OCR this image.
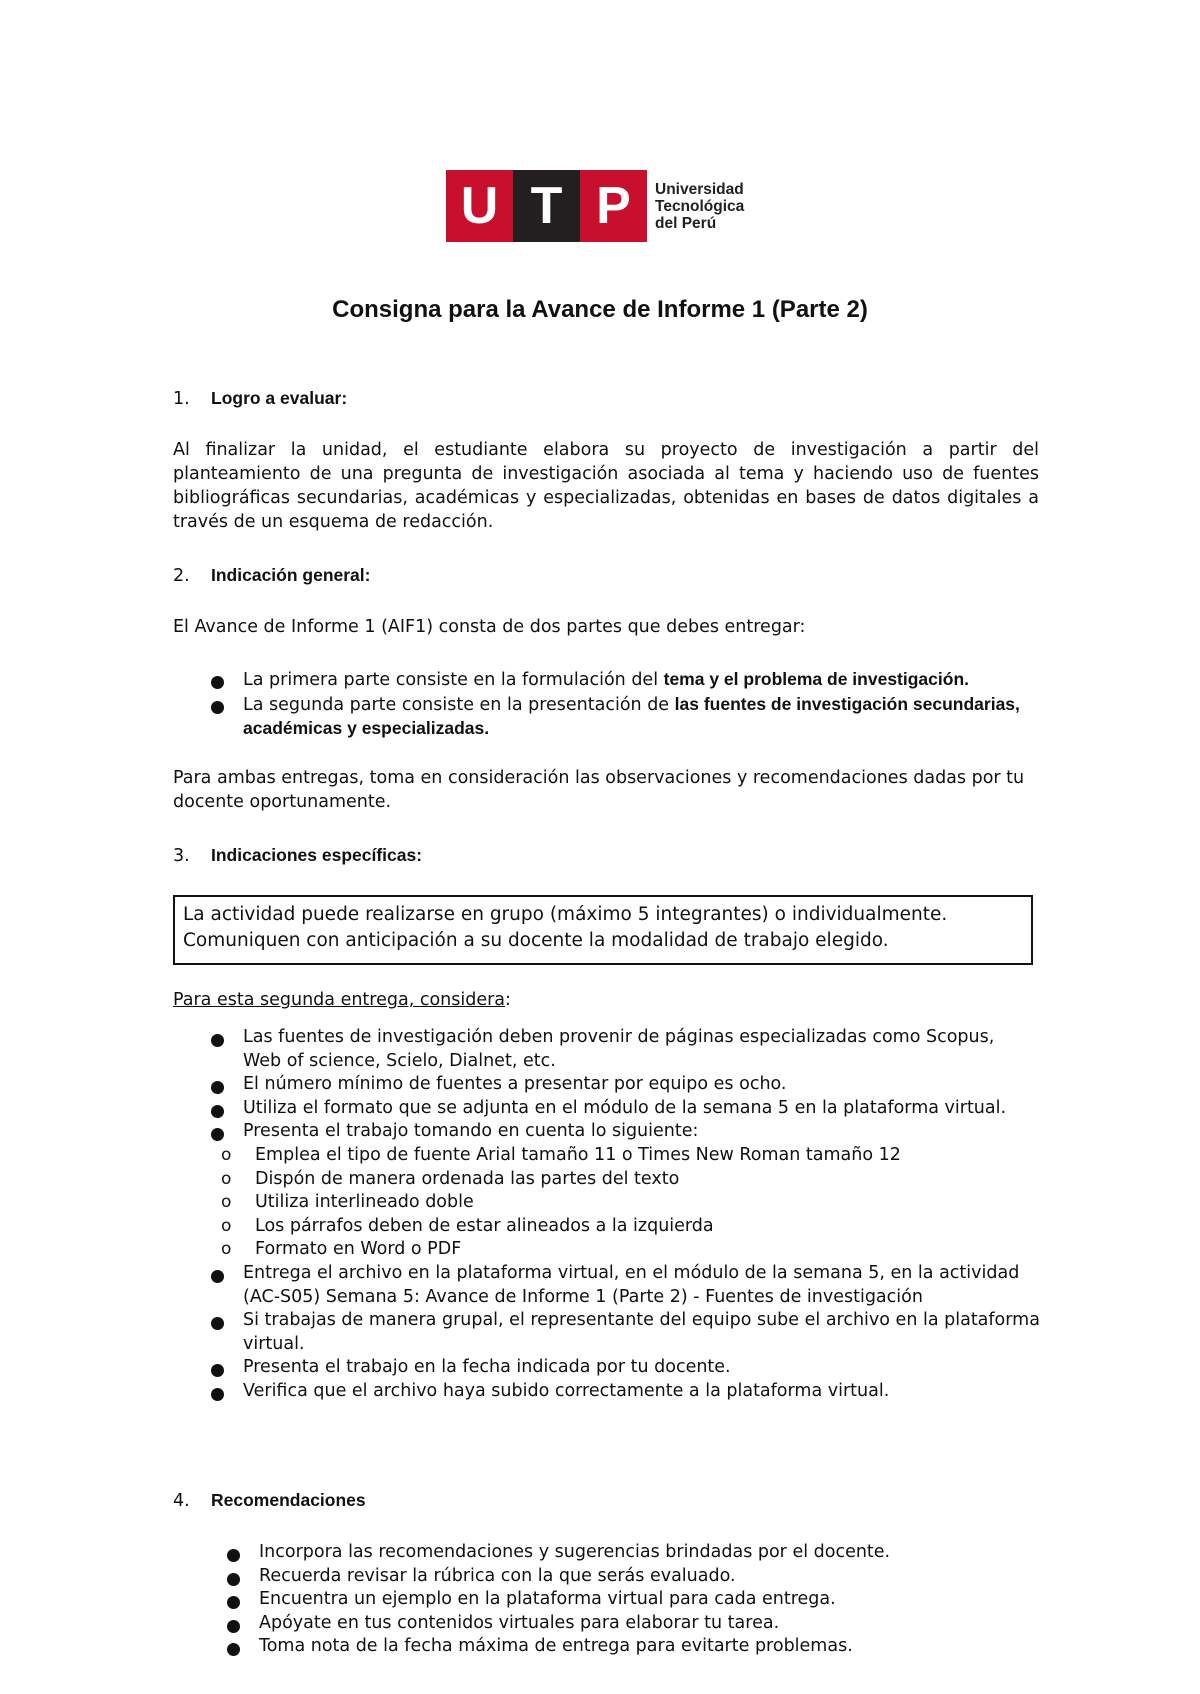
U T P	Universidad
Tecnológica
del Perú
Consigna para la Avance de Informe 1 (Parte 2)
1. Logro a evaluar:
Al finalizar la unidad, el estudiante elabora su proyecto de investigación a partir del planteamiento de una pregunta de investigación asociada al tema y haciendo uso de fuentes bibliográficas secundarias, académicas y especializadas, obtenidas en bases de datos digitales a través de un esquema de redacción.
2. Indicación general:
El Avance de Informe 1 (AIF1) consta de dos partes que debes entregar:
La primera parte consiste en la formulación del tema y el problema de investigación.
La segunda parte consiste en la presentación de las fuentes de investigación secundarias, académicas y especializadas.
Para ambas entregas, toma en consideración las observaciones y recomendaciones dadas por tu docente oportunamente.
3. Indicaciones específicas:
La actividad puede realizarse en grupo (máximo 5 integrantes) o individualmente. Comuniquen con anticipación a su docente la modalidad de trabajo elegido.
Para esta segunda entrega, considera:
Las fuentes de investigación deben provenir de páginas especializadas como Scopus, Web of science, Scielo, Dialnet, etc.
El número mínimo de fuentes a presentar por equipo es ocho.
Utiliza el formato que se adjunta en el módulo de la semana 5 en la plataforma virtual.
Presenta el trabajo tomando en cuenta lo siguiente:
o Emplea el tipo de fuente Arial tamaño 11 o Times New Roman tamaño 12
o Dispón de manera ordenada las partes del texto
o Utiliza interlineado doble
o Los párrafos deben de estar alineados a la izquierda
o Formato en Word o PDF
Entrega el archivo en la plataforma virtual, en el módulo de la semana 5, en la actividad (AC-S05) Semana 5: Avance de Informe 1 (Parte 2) - Fuentes de investigación
Si trabajas de manera grupal, el representante del equipo sube el archivo en la plataforma virtual.
Presenta el trabajo en la fecha indicada por tu docente.
Verifica que el archivo haya subido correctamente a la plataforma virtual.
4. Recomendaciones
Incorpora las recomendaciones y sugerencias brindadas por el docente.
Recuerda revisar la rúbrica con la que serás evaluado.
Encuentra un ejemplo en la plataforma virtual para cada entrega.
Apóyate en tus contenidos virtuales para elaborar tu tarea.
Toma nota de la fecha máxima de entrega para evitarte problemas.
